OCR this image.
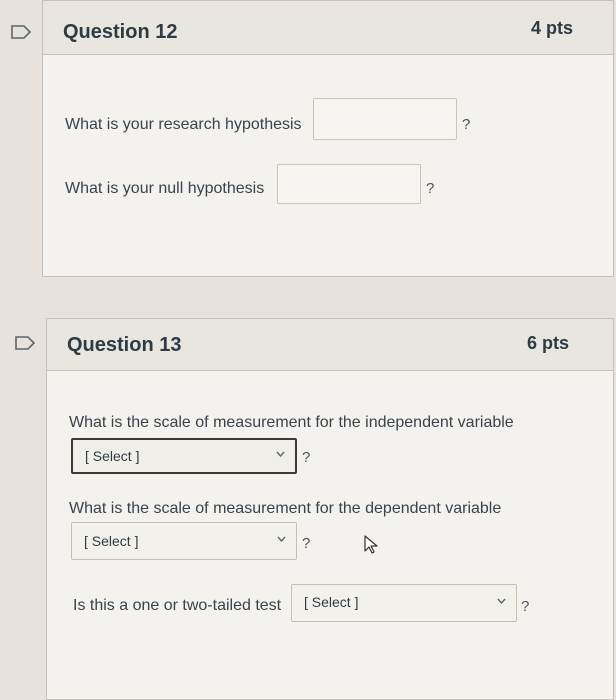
Question 12	4 pts
What is your research hypothesis	?
What is your null hypothesis	?
Question 13	6 pts
What is the scale of measurement for the independent variable
[ Select ]	?
What is the scale of measurement for the dependent variable
[ Select ]	?
Is this a one or two-tailed test [ Select ]	?
